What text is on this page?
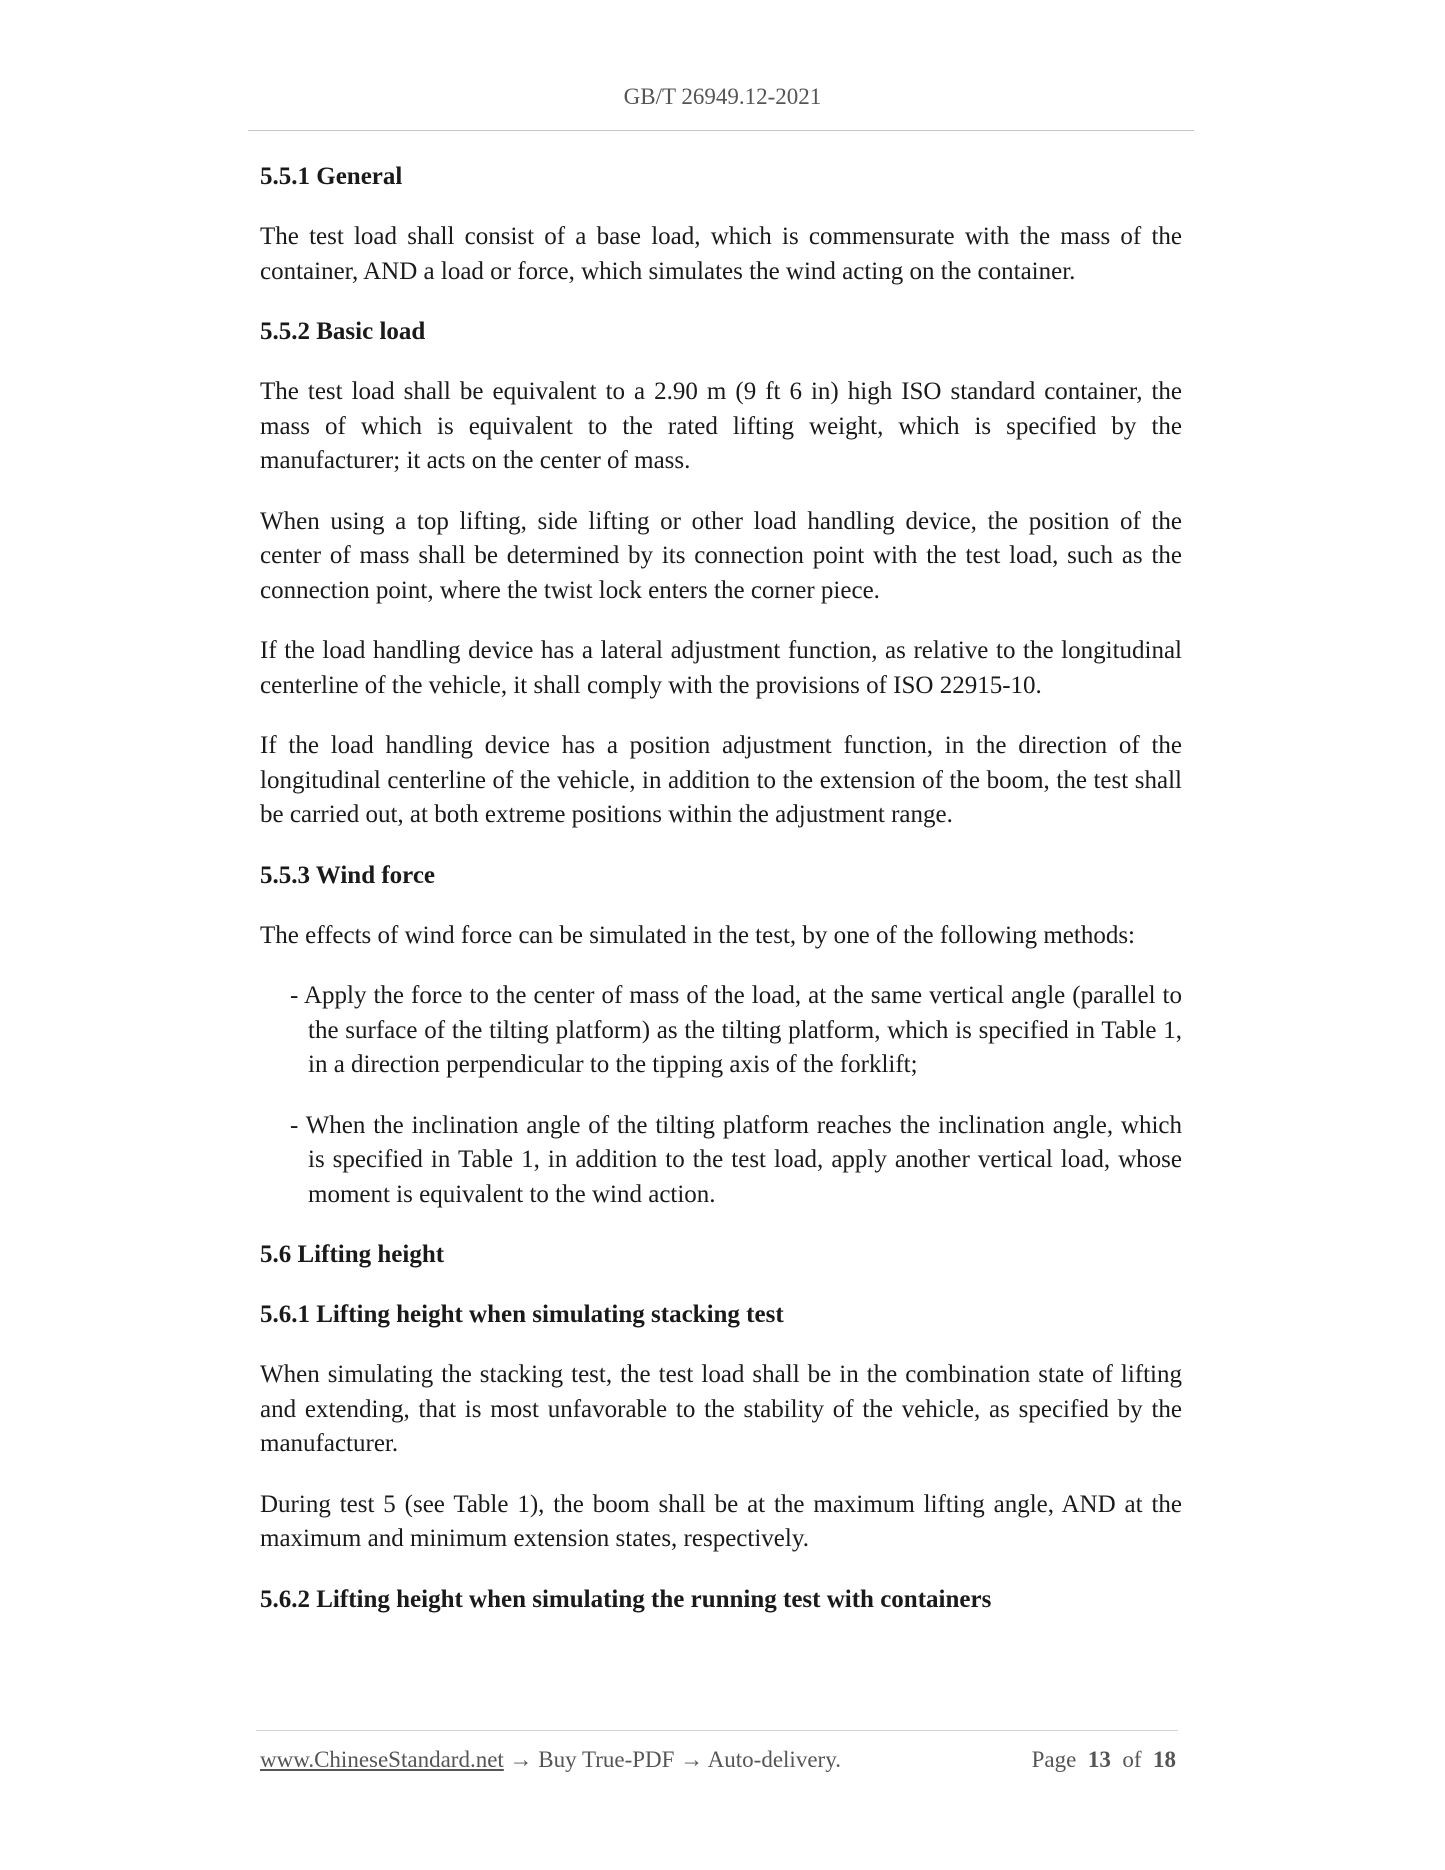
GB/T 26949.12-2021
5.5.1 General
The test load shall consist of a base load, which is commensurate with the mass of the container, AND a load or force, which simulates the wind acting on the container.
5.5.2 Basic load
The test load shall be equivalent to a 2.90 m (9 ft 6 in) high ISO standard container, the mass of which is equivalent to the rated lifting weight, which is specified by the manufacturer; it acts on the center of mass.
When using a top lifting, side lifting or other load handling device, the position of the center of mass shall be determined by its connection point with the test load, such as the connection point, where the twist lock enters the corner piece.
If the load handling device has a lateral adjustment function, as relative to the longitudinal centerline of the vehicle, it shall comply with the provisions of ISO 22915-10.
If the load handling device has a position adjustment function, in the direction of the longitudinal centerline of the vehicle, in addition to the extension of the boom, the test shall be carried out, at both extreme positions within the adjustment range.
5.5.3 Wind force
The effects of wind force can be simulated in the test, by one of the following methods:
- Apply the force to the center of mass of the load, at the same vertical angle (parallel to the surface of the tilting platform) as the tilting platform, which is specified in Table 1, in a direction perpendicular to the tipping axis of the forklift;
- When the inclination angle of the tilting platform reaches the inclination angle, which is specified in Table 1, in addition to the test load, apply another vertical load, whose moment is equivalent to the wind action.
5.6 Lifting height
5.6.1 Lifting height when simulating stacking test
When simulating the stacking test, the test load shall be in the combination state of lifting and extending, that is most unfavorable to the stability of the vehicle, as specified by the manufacturer.
During test 5 (see Table 1), the boom shall be at the maximum lifting angle, AND at the maximum and minimum extension states, respectively.
5.6.2 Lifting height when simulating the running test with containers
www.ChineseStandard.net → Buy True-PDF → Auto-delivery.	Page 13 of 18
